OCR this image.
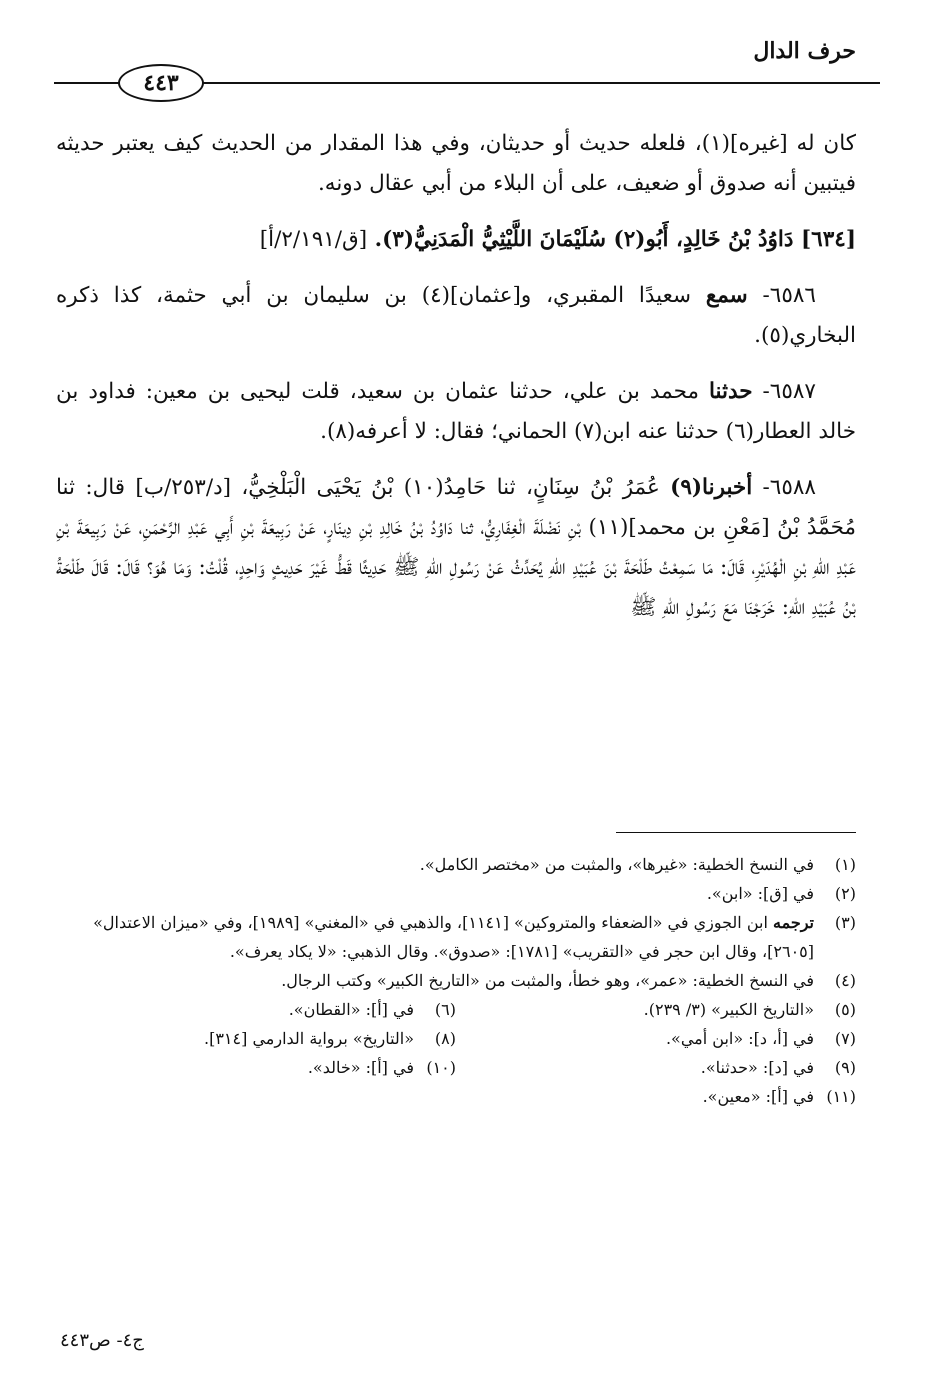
حرف الدال
٤٤٣

كان له [غيره](١)، فلعله حديث أو حديثان، وفي هذا المقدار من الحديث كيف يعتبر حديثه فيتبين أنه صدوق أو ضعيف، على أن البلاء من أبي عقال دونه.

[٦٣٤] دَاوُدُ بْنُ خَالِدٍ، أَبُو(٢) سُلَيْمَانَ اللَّيْثِيُّ الْمَدَنِيُّ(٣). [ق/٢/١٩١/أ]

٦٥٨٦- سمع سعيدًا المقبري، و[عثمان](٤) بن سليمان بن أبي حثمة، كذا ذكره البخاري(٥).

٦٥٨٧- حدثنا محمد بن علي، حدثنا عثمان بن سعيد، قلت ليحيى بن معين: فداود بن خالد العطار(٦) حدثنا عنه ابن(٧) الحماني؛ فقال: لا أعرفه(٨).

٦٥٨٨- أخبرنا(٩) عُمَرُ بْنُ سِنَانٍ، ثنا حَامِدُ(١٠) بْنُ يَحْيَى الْبَلْخِيُّ، [د/٢٥٣/ب] قال: ثنا مُحَمَّدُ بْنُ [مَعْنِ بن محمد](١١) بْنِ نَضْلَةَ الْغِفَارِيُّ، ثنا دَاوُدُ بْنُ خَالِدِ بْنِ دِينَارٍ، عَنْ رَبِيعَةَ بْنِ أَبِي عَبْدِ الرَّحْمَنِ، عَنْ رَبِيعَةَ بْنِ عَبْدِ اللهِ بْنِ الْهُدَيْرِ، قَالَ: مَا سَمِعْتُ طَلْحَةَ بْنَ عُبَيْدِ اللهِ يُحَدِّثُ عَنْ رَسُولِ اللهِ ﷺ حَدِيثًا قَطُّ غَيْرَ حَدِيثٍ وَاحِدٍ، قُلْتُ: وَمَا هُوَ؟ قَالَ: قَالَ طَلْحَةُ بْنُ عُبَيْدِ اللهِ: خَرَجْنَا مَعَ رَسُولِ اللهِ ﷺ

(١)
في النسخ الخطية: «غيرها»، والمثبت من «مختصر الكامل».

(٢)
في [ق]: «ابن».

(٣)
ترجمه ابن الجوزي في «الضعفاء والمتروكين» [١١٤١]، والذهبي في «المغني» [١٩٨٩]، وفي «ميزان الاعتدال» [٢٦٠٥]، وقال ابن حجر في «التقريب» [١٧٨١]: «صدوق». وقال الذهبي: «لا يكاد يعرف».

(٤)
في النسخ الخطية: «عمر»، وهو خطأ، والمثبت من «التاريخ الكبير» وكتب الرجال.

(٥)
«التاريخ الكبير» (٣/ ٢٣٩).

(٦)
في [أ]: «القطان».

(٧)
في [أ، د]: «ابن أمي».

(٨)
«التاريخ» برواية الدارمي [٣١٤].

(٩)
في [د]: «حدثنا».

(١٠)
في [أ]: «خالد».

(١١)
في [أ]: «معين».

ج٤- ص٤٤٣
